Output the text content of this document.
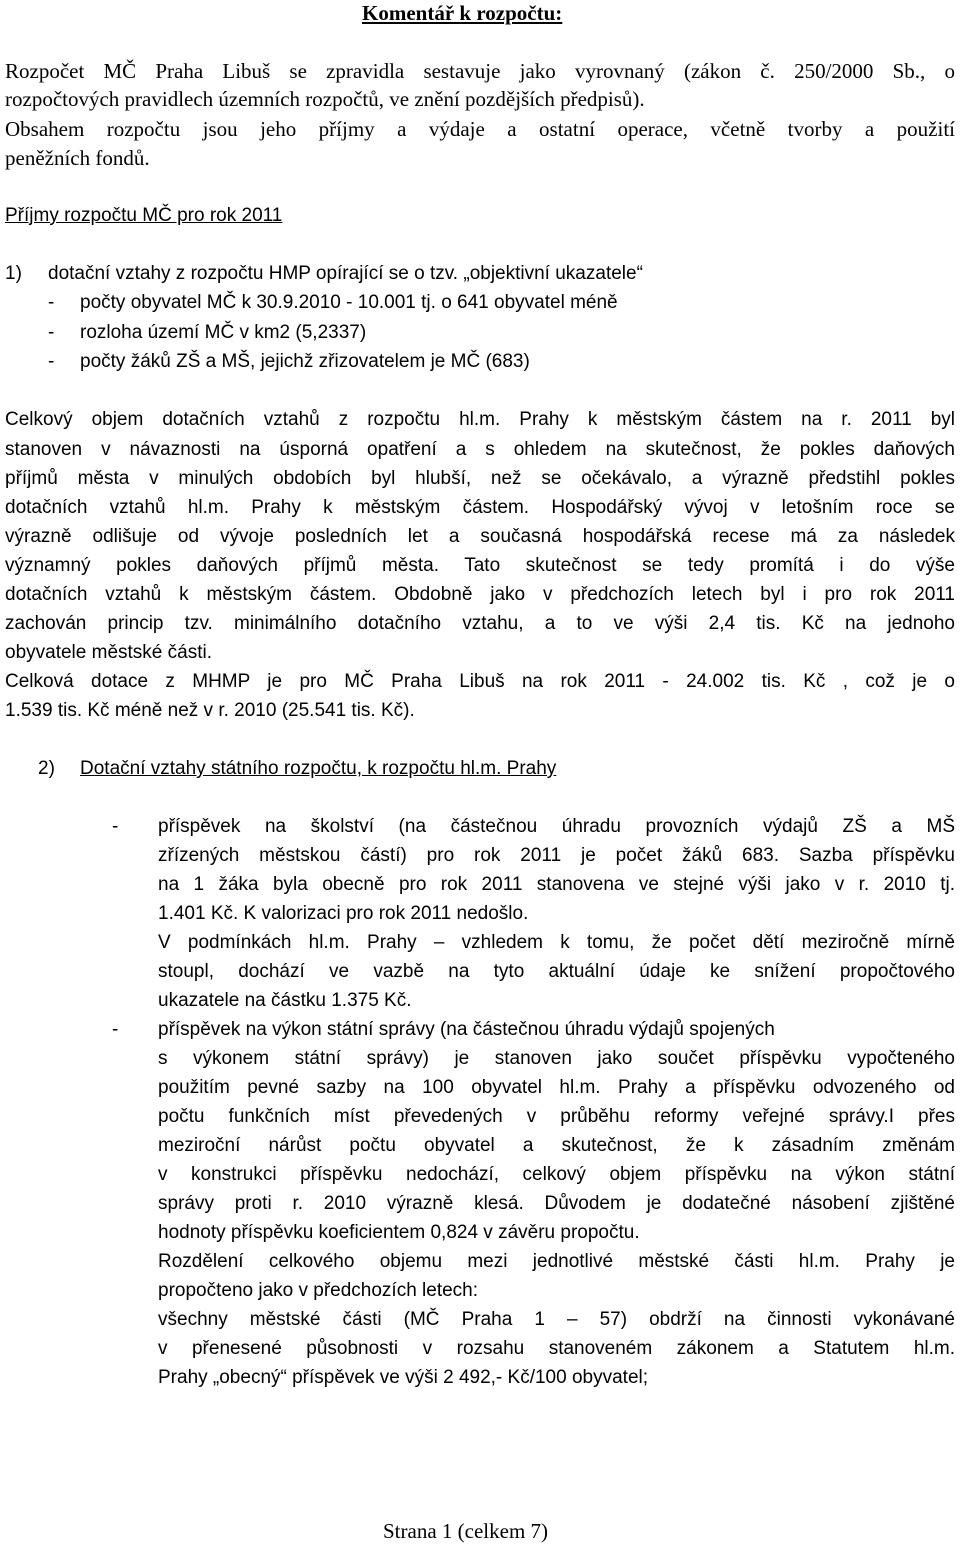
Komentář k rozpočtu:
Rozpočet MČ Praha Libuš se zpravidla sestavuje jako vyrovnaný (zákon č. 250/2000 Sb., o
rozpočtových pravidlech územních rozpočtů, ve znění pozdějších předpisů).
Obsahem rozpočtu jsou jeho příjmy a výdaje a ostatní operace, včetně tvorby a použití
peněžních fondů.
Příjmy rozpočtu MČ pro rok 2011
1) dotační vztahy z rozpočtu HMP opírající se o tzv. „objektivní ukazatele“
- počty obyvatel MČ k 30.9.2010 - 10.001 tj. o 641 obyvatel méně
- rozloha území MČ v km2 (5,2337)
- počty žáků ZŠ a MŠ, jejichž zřizovatelem je MČ (683)
Celkový objem dotačních vztahů z rozpočtu hl.m. Prahy k městským částem na r. 2011 byl
stanoven v návaznosti na úsporná opatření a s ohledem na skutečnost, že pokles daňových
příjmů města v minulých obdobích byl hlubší, než se očekávalo, a výrazně předstihl pokles
dotačních vztahů hl.m. Prahy k městským částem. Hospodářský vývoj v letošním roce se
výrazně odlišuje od vývoje posledních let a současná hospodářská recese má za následek
významný pokles daňových příjmů města. Tato skutečnost se tedy promítá i do výše
dotačních vztahů k městským částem. Obdobně jako v předchozích letech byl i pro rok 2011
zachován princip tzv. minimálního dotačního vztahu, a to ve výši 2,4 tis. Kč na jednoho
obyvatele městské části.
Celková dotace z MHMP je pro MČ Praha Libuš na rok 2011 - 24.002 tis. Kč , což je o
1.539 tis. Kč méně než v r. 2010 (25.541 tis. Kč).
2) Dotační vztahy státního rozpočtu, k rozpočtu hl.m. Prahy
- příspěvek na školství (na částečnou úhradu provozních výdajů ZŠ a MŠ
zřízených městskou částí) pro rok 2011 je počet žáků 683. Sazba příspěvku
na 1 žáka byla obecně pro rok 2011 stanovena ve stejné výši jako v r. 2010 tj.
1.401 Kč. K valorizaci pro rok 2011 nedošlo.
V podmínkách hl.m. Prahy – vzhledem k tomu, že počet dětí meziročně mírně
stoupl, dochází ve vazbě na tyto aktuální údaje ke snížení propočtového
ukazatele na částku 1.375 Kč.
- příspěvek na výkon státní správy (na částečnou úhradu výdajů spojených
s výkonem státní správy) je stanoven jako součet příspěvku vypočteného
použitím pevné sazby na 100 obyvatel hl.m. Prahy a příspěvku odvozeného od
počtu funkčních míst převedených v průběhu reformy veřejné správy.I přes
meziroční nárůst počtu obyvatel a skutečnost, že k zásadním změnám
v konstrukci příspěvku nedochází, celkový objem příspěvku na výkon státní
správy proti r. 2010 výrazně klesá. Důvodem je dodatečné násobení zjištěné
hodnoty příspěvku koeficientem 0,824 v závěru propočtu.
Rozdělení celkového objemu mezi jednotlivé městské části hl.m. Prahy je
propočteno jako v předchozích letech:
všechny městské části (MČ Praha 1 – 57) obdrží na činnosti vykonávané
v přenesené působnosti v rozsahu stanoveném zákonem a Statutem hl.m.
Prahy „obecný“ příspěvek ve výši 2 492,- Kč/100 obyvatel;
Strana 1 (celkem 7)
